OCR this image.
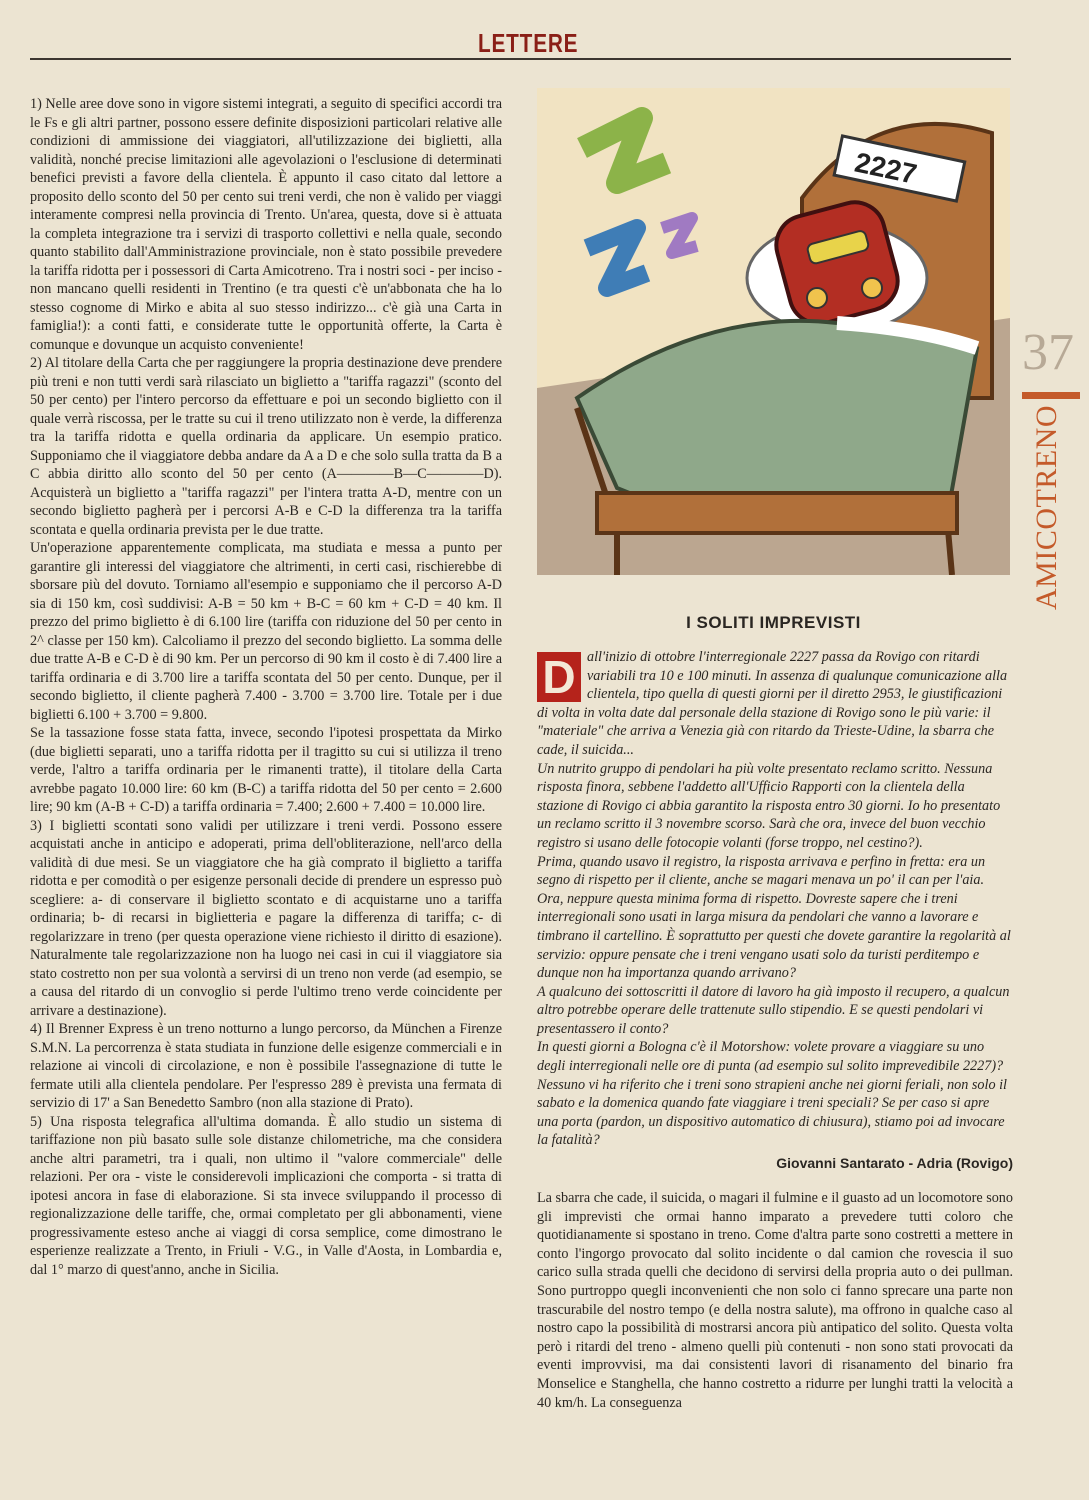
LETTERE

1) Nelle aree dove sono in vigore sistemi integrati, a seguito di specifici accordi tra le Fs e gli altri partner, possono essere definite disposizioni particolari relative alle condizioni di ammissione dei viaggiatori, all'utilizzazione dei biglietti, alla validità, nonché precise limitazioni alle agevolazioni o l'esclusione di determinati benefici previsti a favore della clientela. È appunto il caso citato dal lettore a proposito dello sconto del 50 per cento sui treni verdi, che non è valido per viaggi interamente compresi nella provincia di Trento. Un'area, questa, dove si è attuata la completa integrazione tra i servizi di trasporto collettivi e nella quale, secondo quanto stabilito dall'Amministrazione provinciale, non è stato possibile prevedere la tariffa ridotta per i possessori di Carta Amicotreno. Tra i nostri soci - per inciso - non mancano quelli residenti in Trentino (e tra questi c'è un'abbonata che ha lo stesso cognome di Mirko e abita al suo stesso indirizzo... c'è già una Carta in famiglia!): a conti fatti, e considerate tutte le opportunità offerte, la Carta è comunque e dovunque un acquisto conveniente!

2) Al titolare della Carta che per raggiungere la propria destinazione deve prendere più treni e non tutti verdi sarà rilasciato un biglietto a "tariffa ragazzi" (sconto del 50 per cento) per l'intero percorso da effettuare e poi un secondo biglietto con il quale verrà riscossa, per le tratte su cui il treno utilizzato non è verde, la differenza tra la tariffa ridotta e quella ordinaria da applicare. Un esempio pratico. Supponiamo che il viaggiatore debba andare da A a D e che solo sulla tratta da B a C abbia diritto allo sconto del 50 per cento (A————B—C————D). Acquisterà un biglietto a "tariffa ragazzi" per l'intera tratta A-D, mentre con un secondo biglietto pagherà per i percorsi A-B e C-D la differenza tra la tariffa scontata e quella ordinaria prevista per le due tratte.

Un'operazione apparentemente complicata, ma studiata e messa a punto per garantire gli interessi del viaggiatore che altrimenti, in certi casi, rischierebbe di sborsare più del dovuto. Torniamo all'esempio e supponiamo che il percorso A-D sia di 150 km, così suddivisi: A-B = 50 km + B-C = 60 km + C-D = 40 km. Il prezzo del primo biglietto è di 6.100 lire (tariffa con riduzione del 50 per cento in 2^ classe per 150 km). Calcoliamo il prezzo del secondo biglietto. La somma delle due tratte A-B e C-D è di 90 km. Per un percorso di 90 km il costo è di 7.400 lire a tariffa ordinaria e di 3.700 lire a tariffa scontata del 50 per cento. Dunque, per il secondo biglietto, il cliente pagherà 7.400 - 3.700 = 3.700 lire. Totale per i due biglietti 6.100 + 3.700 = 9.800.

Se la tassazione fosse stata fatta, invece, secondo l'ipotesi prospettata da Mirko (due biglietti separati, uno a tariffa ridotta per il tragitto su cui si utilizza il treno verde, l'altro a tariffa ordinaria per le rimanenti tratte), il titolare della Carta avrebbe pagato 10.000 lire: 60 km (B-C) a tariffa ridotta del 50 per cento = 2.600 lire; 90 km (A-B + C-D) a tariffa ordinaria = 7.400; 2.600 + 7.400 = 10.000 lire.

3) I biglietti scontati sono validi per utilizzare i treni verdi. Possono essere acquistati anche in anticipo e adoperati, prima dell'obliterazione, nell'arco della validità di due mesi. Se un viaggiatore che ha già comprato il biglietto a tariffa ridotta e per comodità o per esigenze personali decide di prendere un espresso può scegliere: a- di conservare il biglietto scontato e di acquistarne uno a tariffa ordinaria; b- di recarsi in biglietteria e pagare la differenza di tariffa; c- di regolarizzare in treno (per questa operazione viene richiesto il diritto di esazione). Naturalmente tale regolarizzazione non ha luogo nei casi in cui il viaggiatore sia stato costretto non per sua volontà a servirsi di un treno non verde (ad esempio, se a causa del ritardo di un convoglio si perde l'ultimo treno verde coincidente per arrivare a destinazione).

4) Il Brenner Express è un treno notturno a lungo percorso, da München a Firenze S.M.N. La percorrenza è stata studiata in funzione delle esigenze commerciali e in relazione ai vincoli di circolazione, e non è possibile l'assegnazione di tutte le fermate utili alla clientela pendolare. Per l'espresso 289 è prevista una fermata di servizio di 17' a San Benedetto Sambro (non alla stazione di Prato).

5) Una risposta telegrafica all'ultima domanda. È allo studio un sistema di tariffazione non più basato sulle sole distanze chilometriche, ma che considera anche altri parametri, tra i quali, non ultimo il "valore commerciale" delle relazioni. Per ora - viste le considerevoli implicazioni che comporta - si tratta di ipotesi ancora in fase di elaborazione. Si sta invece sviluppando il processo di regionalizzazione delle tariffe, che, ormai completato per gli abbonamenti, viene progressivamente esteso anche ai viaggi di corsa semplice, come dimostrano le esperienze realizzate a Trento, in Friuli - V.G., in Valle d'Aosta, in Lombardia e, dal 1° marzo di quest'anno, anche in Sicilia.

2227
I SOLITI IMPREVISTI
D all'inizio di ottobre l'interregionale 2227 passa da Rovigo con ritardi variabili tra 10 e 100 minuti. In assenza di qualunque comunicazione alla clientela, tipo quella di questi giorni per il diretto 2953, le giustificazioni di volta in volta date dal personale della stazione di Rovigo sono le più varie: il "materiale" che arriva a Venezia già con ritardo da Trieste-Udine, la sbarra che cade, il suicida...

Un nutrito gruppo di pendolari ha più volte presentato reclamo scritto. Nessuna risposta finora, sebbene l'addetto all'Ufficio Rapporti con la clientela della stazione di Rovigo ci abbia garantito la risposta entro 30 giorni. Io ho presentato un reclamo scritto il 3 novembre scorso. Sarà che ora, invece del buon vecchio registro si usano delle fotocopie volanti (forse troppo, nel cestino?).

Prima, quando usavo il registro, la risposta arrivava e perfino in fretta: era un segno di rispetto per il cliente, anche se magari menava un po' il can per l'aia. Ora, neppure questa minima forma di rispetto. Dovreste sapere che i treni interregionali sono usati in larga misura da pendolari che vanno a lavorare e timbrano il cartellino. È soprattutto per questi che dovete garantire la regolarità al servizio: oppure pensate che i treni vengano usati solo da turisti perditempo e dunque non ha importanza quando arrivano?

A qualcuno dei sottoscritti il datore di lavoro ha già imposto il recupero, a qualcun altro potrebbe operare delle trattenute sullo stipendio. E se questi pendolari vi presentassero il conto?

In questi giorni a Bologna c'è il Motorshow: volete provare a viaggiare su uno degli interregionali nelle ore di punta (ad esempio sul solito imprevedibile 2227)? Nessuno vi ha riferito che i treni sono strapieni anche nei giorni feriali, non solo il sabato e la domenica quando fate viaggiare i treni speciali? Se per caso si apre una porta (pardon, un dispositivo automatico di chiusura), stiamo poi ad invocare la fatalità?

Giovanni Santarato - Adria (Rovigo)

La sbarra che cade, il suicida, o magari il fulmine e il guasto ad un locomotore sono gli imprevisti che ormai hanno imparato a prevedere tutti coloro che quotidianamente si spostano in treno. Come d'altra parte sono costretti a mettere in conto l'ingorgo provocato dal solito incidente o dal camion che rovescia il suo carico sulla strada quelli che decidono di servirsi della propria auto o dei pullman. Sono purtroppo quegli inconvenienti che non solo ci fanno sprecare una parte non trascurabile del nostro tempo (e della nostra salute), ma offrono in qualche caso al nostro capo la possibilità di mostrarsi ancora più antipatico del solito. Questa volta però i ritardi del treno - almeno quelli più contenuti - non sono stati provocati da eventi improvvisi, ma dai consistenti lavori di risanamento del binario fra Monselice e Stanghella, che hanno costretto a ridurre per lunghi tratti la velocità a 40 km/h. La conseguenza

37
AMICOTRENO
